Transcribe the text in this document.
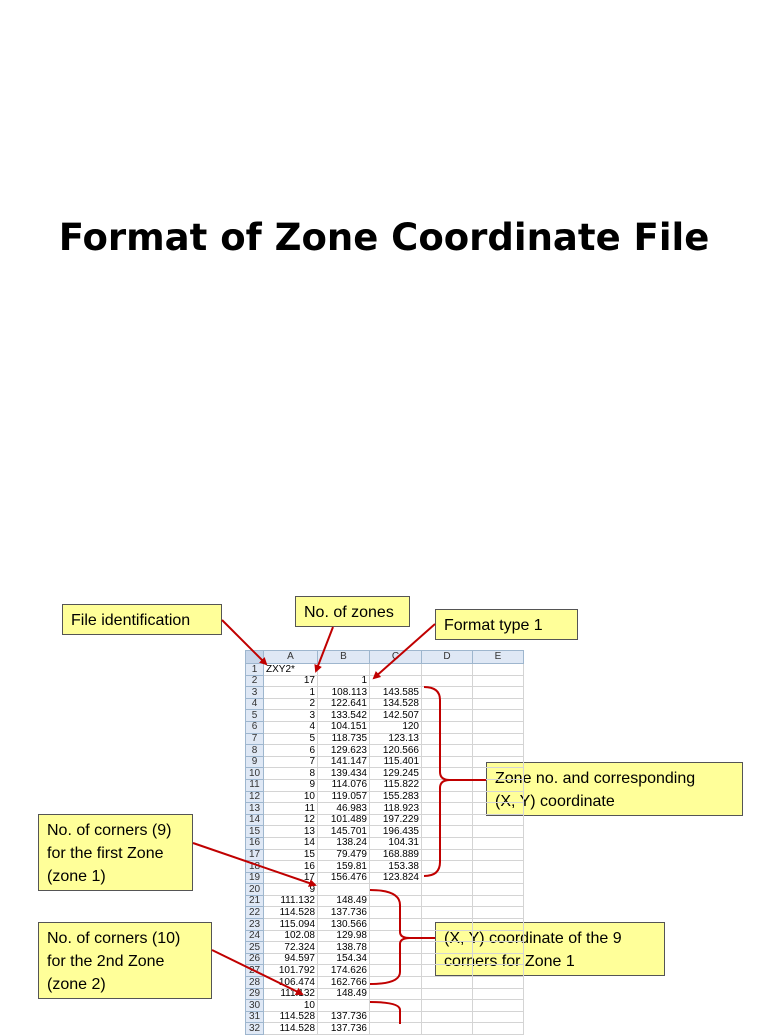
Format of Zone Coordinate File
File identification	No. of zones
Format type 1
Zone no. and corresponding
(X, Y) coordinate
No. of corners (9)
for the first Zone
(zone 1)
No. of corners (10)
for the 2nd Zone
(zone 2)
(X, Y) coordinate of the 9
corners for Zone 1
	A	B	C	D	E
1	ZXY2*				
2	17	1			
3	1	108.113	143.585		
4	2	122.641	134.528		
5	3	133.542	142.507		
6	4	104.151	120		
7	5	118.735	123.13		
8	6	129.623	120.566		
9	7	141.147	115.401		
10	8	139.434	129.245		
11	9	114.076	115.822		
12	10	119.057	155.283		
13	11	46.983	118.923		
14	12	101.489	197.229		
15	13	145.701	196.435		
16	14	138.24	104.31		
17	15	79.479	168.889		
18	16	159.81	153.38		
19	17	156.476	123.824		
20	9				
21	111.132	148.49			
22	114.528	137.736			
23	115.094	130.566			
24	102.08	129.98			
25	72.324	138.78			
26	94.597	154.34			
27	101.792	174.626			
28	106.474	162.766			
29	111.132	148.49			
30	10				
31	114.528	137.736			
32	114.528	137.736			
